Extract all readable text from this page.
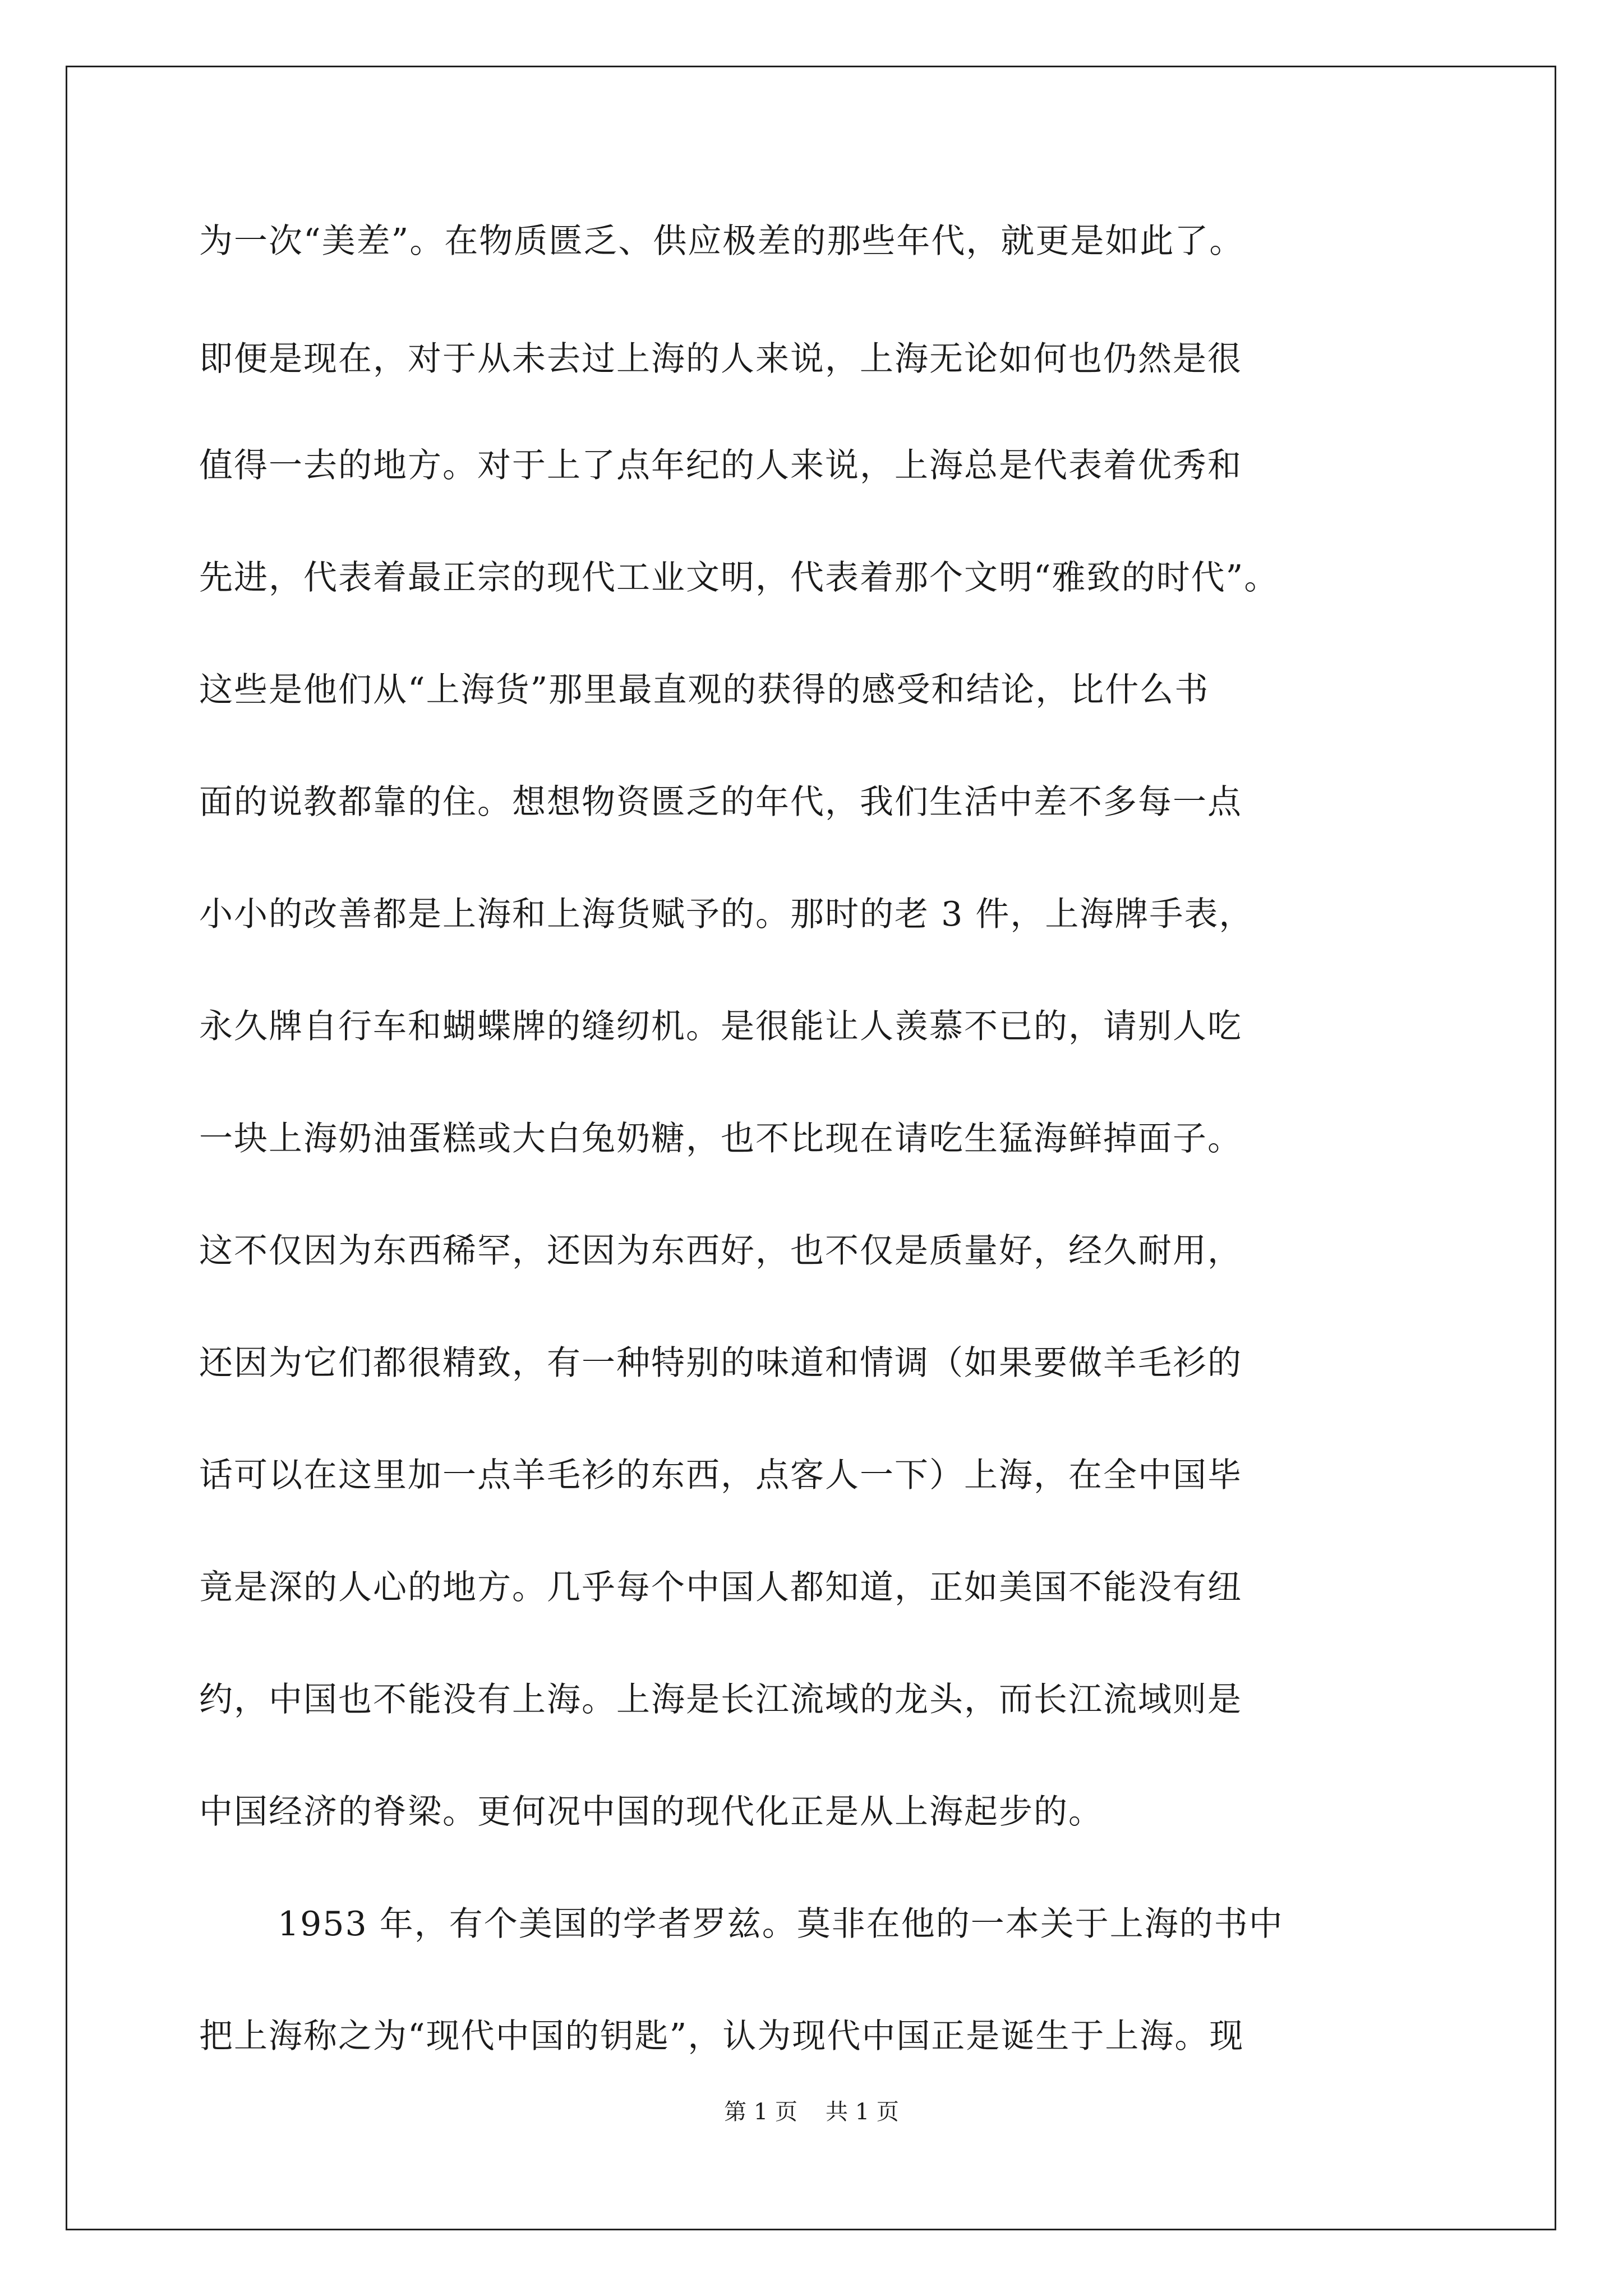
为一次“美差”。在物质匮乏、供应极差的那些年代，就更是如此了。
即便是现在，对于从未去过上海的人来说，上海无论如何也仍然是很
值得一去的地方。对于上了点年纪的人来说，上海总是代表着优秀和
先进，代表着最正宗的现代工业文明，代表着那个文明“雅致的时代”。
这些是他们从“上海货”那里最直观的获得的感受和结论，比什么书
面的说教都靠的住。想想物资匮乏的年代，我们生活中差不多每一点
小小的改善都是上海和上海货赋予的。那时的老 3 件，上海牌手表，
永久牌自行车和蝴蝶牌的缝纫机。是很能让人羡慕不已的，请别人吃
一块上海奶油蛋糕或大白兔奶糖，也不比现在请吃生猛海鲜掉面子。
这不仅因为东西稀罕，还因为东西好，也不仅是质量好，经久耐用，
还因为它们都很精致，有一种特别的味道和情调（如果要做羊毛衫的
话可以在这里加一点羊毛衫的东西，点客人一下）上海，在全中国毕
竟是深的人心的地方。几乎每个中国人都知道，正如美国不能没有纽
约，中国也不能没有上海。上海是长江流域的龙头，而长江流域则是
中国经济的脊梁。更何况中国的现代化正是从上海起步的。
1953 年，有个美国的学者罗兹。莫非在他的一本关于上海的书中
把上海称之为“现代中国的钥匙”，认为现代中国正是诞生于上海。现
第 1 页 共 1 页
